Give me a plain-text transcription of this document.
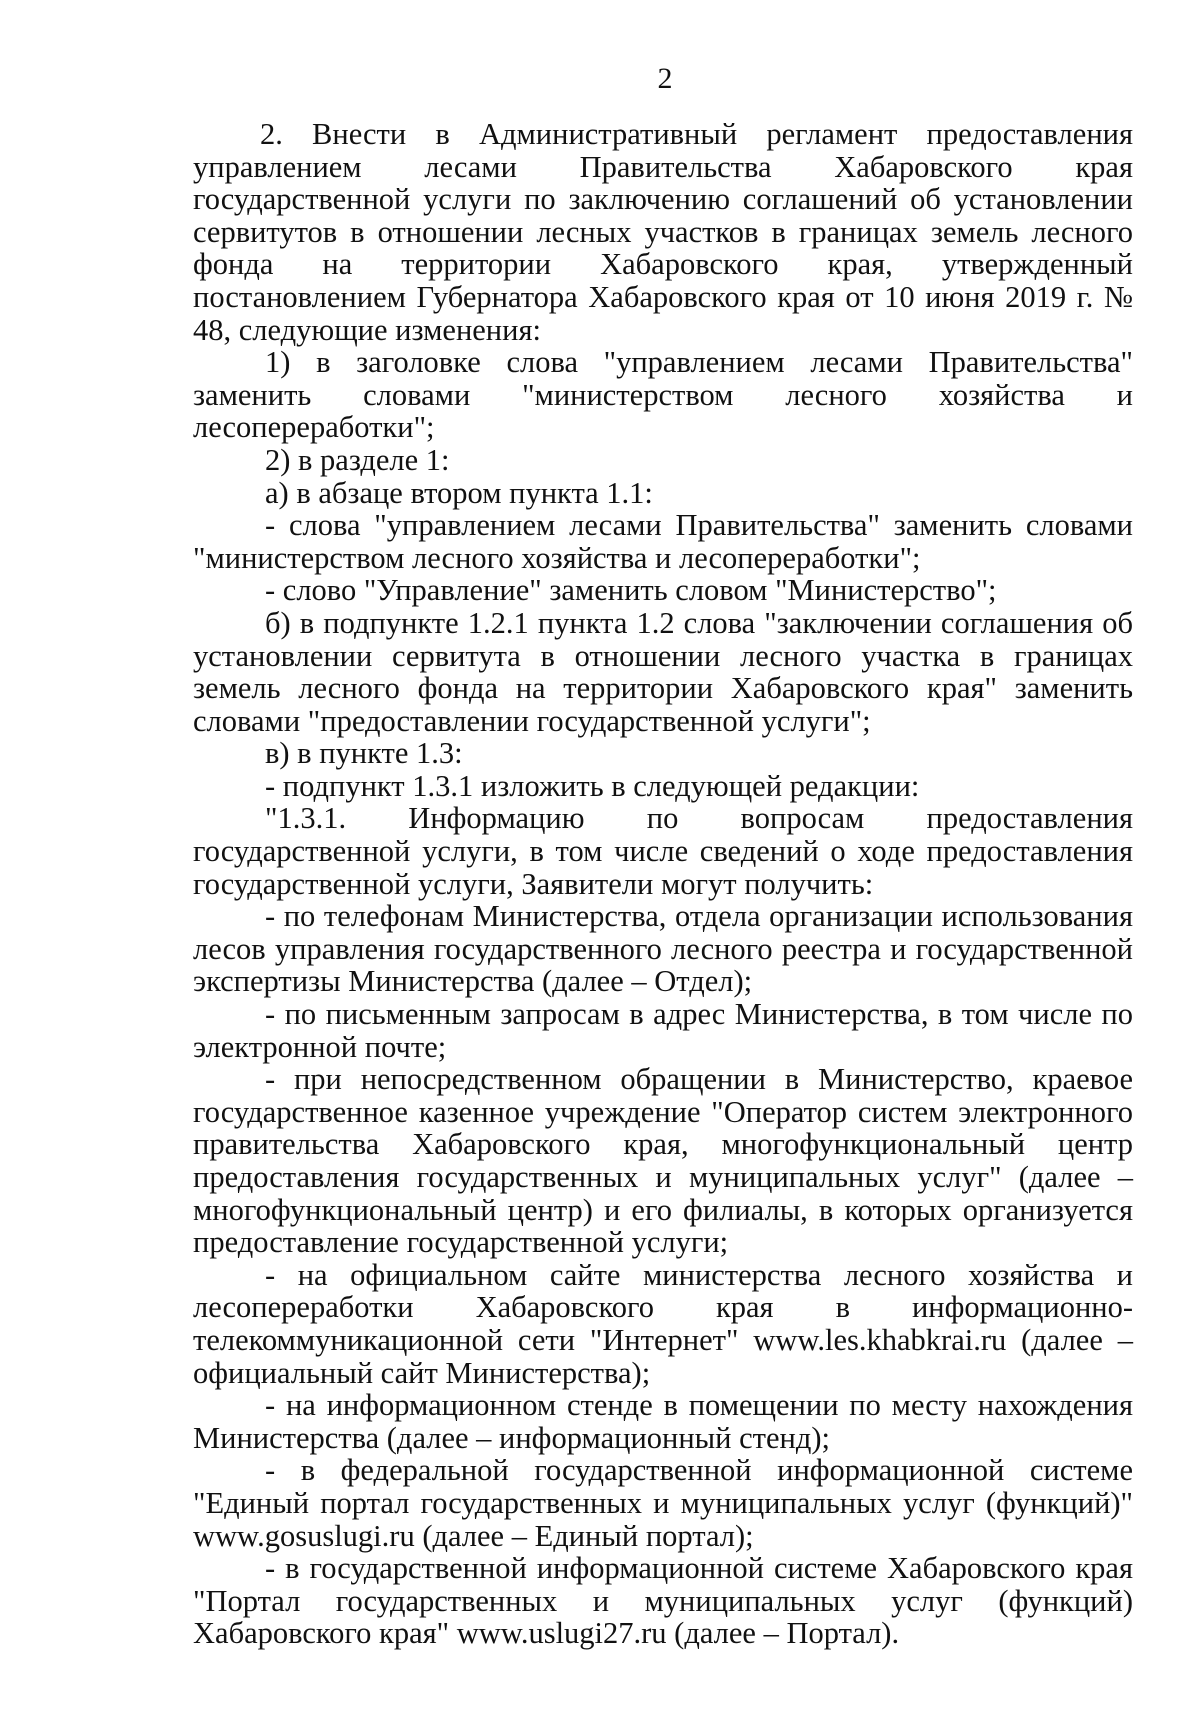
2

2. Внести в Административный регламент предоставления управлением лесами Правительства Хабаровского края государственной услуги по заключению соглашений об установлении сервитутов в отношении лесных участков в границах земель лесного фонда на территории Хабаровского края, утвержденный постановлением Губернатора Хабаровского края от 10 июня 2019 г. № 48, следующие изменения:

1) в заголовке слова "управлением лесами Правительства" заменить словами "министерством лесного хозяйства и лесопереработки";

2) в разделе 1:

а) в абзаце втором пункта 1.1:

- слова "управлением лесами Правительства" заменить словами "министерством лесного хозяйства и лесопереработки";

- слово "Управление" заменить словом "Министерство";

б) в подпункте 1.2.1 пункта 1.2 слова "заключении соглашения об установлении сервитута в отношении лесного участка в границах земель лесного фонда на территории Хабаровского края" заменить словами "предоставлении государственной услуги";

в) в пункте 1.3:

- подпункт 1.3.1 изложить в следующей редакции:

"1.3.1. Информацию по вопросам предоставления государственной услуги, в том числе сведений о ходе предоставления государственной услуги, Заявители могут получить:

- по телефонам Министерства, отдела организации использования лесов управления государственного лесного реестра и государственной экспертизы Министерства (далее – Отдел);

- по письменным запросам в адрес Министерства, в том числе по электронной почте;

- при непосредственном обращении в Министерство, краевое государственное казенное учреждение "Оператор систем электронного правительства Хабаровского края, многофункциональный центр предоставления государственных и муниципальных услуг" (далее – многофункциональный центр) и его филиалы, в которых организуется предоставление государственной услуги;

- на официальном сайте министерства лесного хозяйства и лесопереработки Хабаровского края в информационно-телекоммуникационной сети "Интернет" www.les.khabkrai.ru (далее – официальный сайт Министерства);

- на информационном стенде в помещении по месту нахождения Министерства (далее – информационный стенд);

- в федеральной государственной информационной системе "Единый портал государственных и муниципальных услуг (функций)" www.gosuslugi.ru (далее – Единый портал);

- в государственной информационной системе Хабаровского края "Портал государственных и муниципальных услуг (функций) Хабаровского края" www.uslugi27.ru (далее – Портал).
